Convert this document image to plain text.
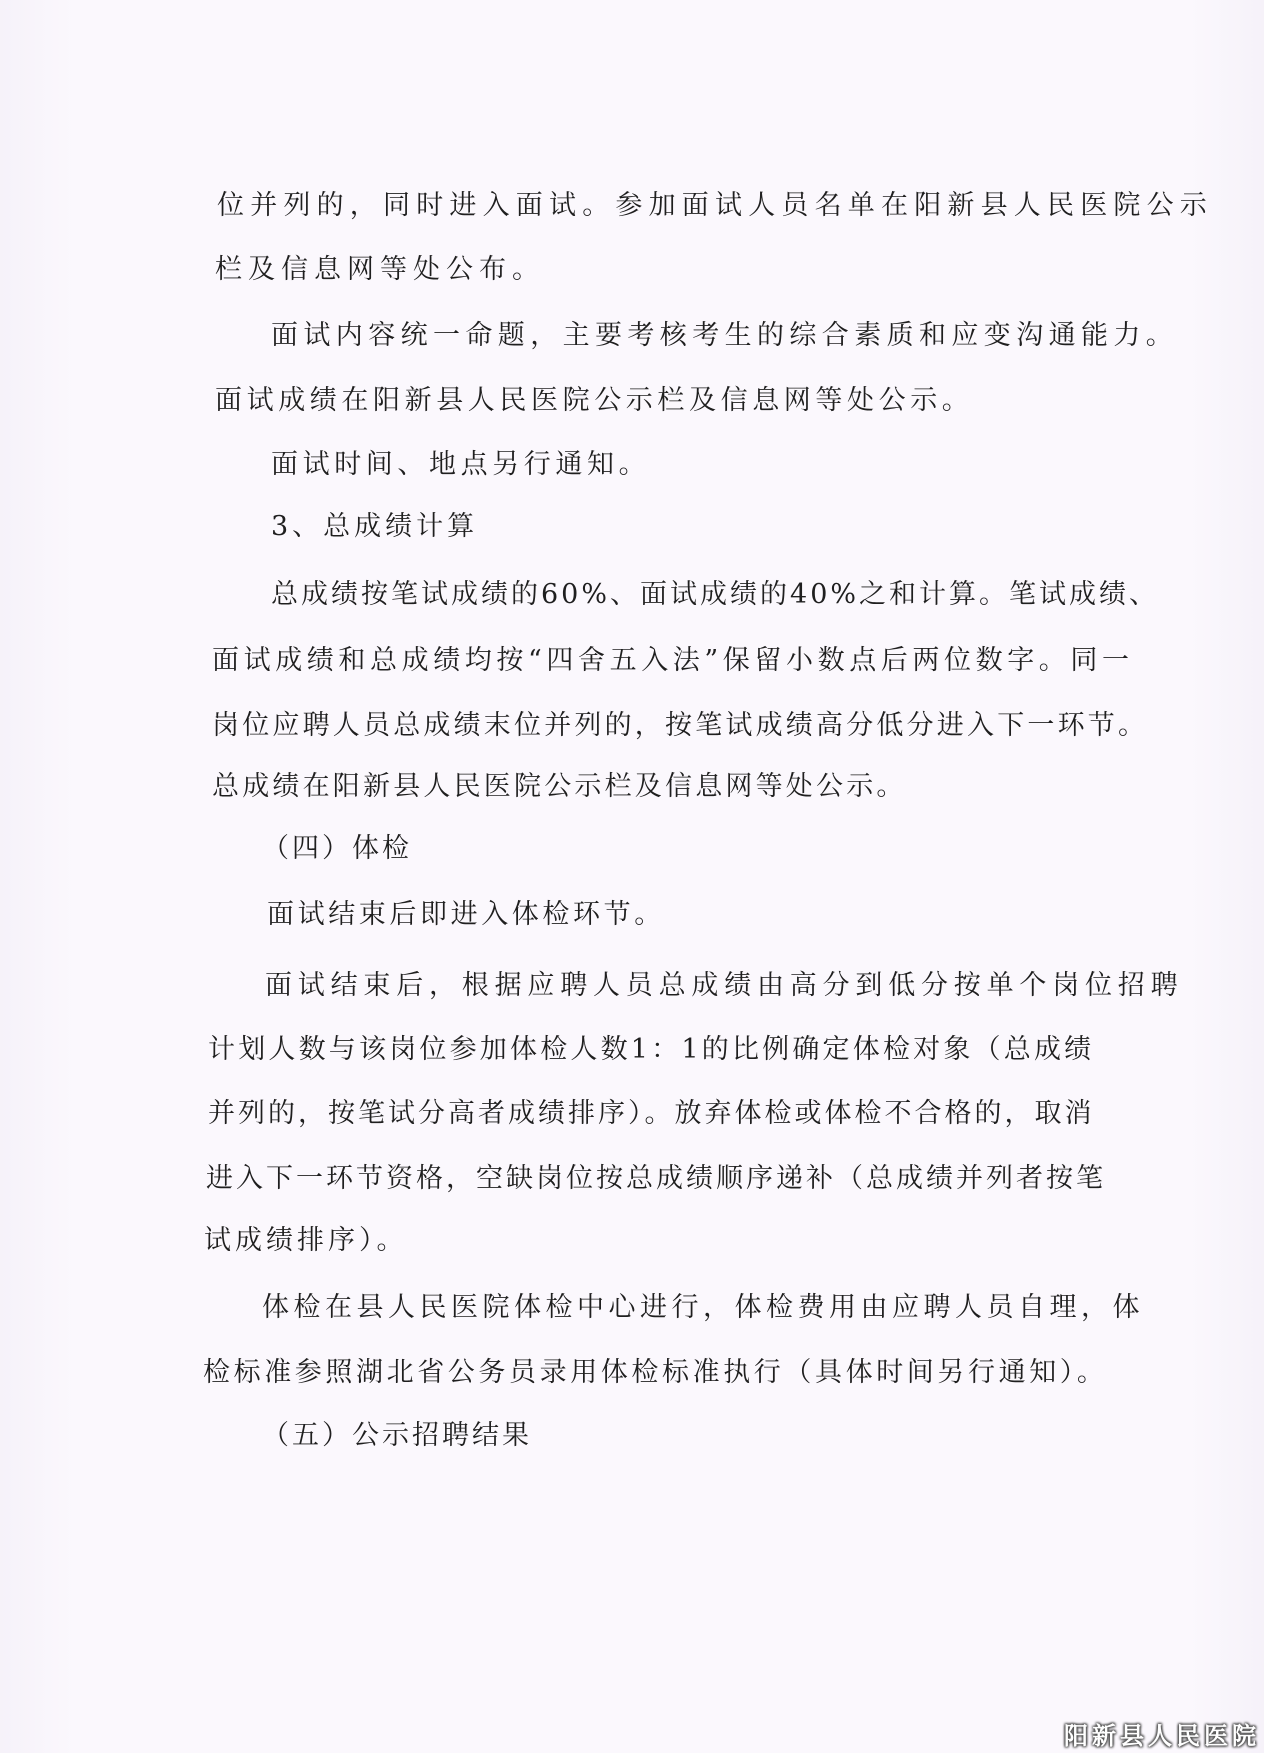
位并列的，同时进入面试。参加面试人员名单在阳新县人民医院公示
栏及信息网等处公布。
面试内容统一命题，主要考核考生的综合素质和应变沟通能力。
面试成绩在阳新县人民医院公示栏及信息网等处公示。
面试时间、地点另行通知。
3、总成绩计算
总成绩按笔试成绩的60%、面试成绩的40%之和计算。笔试成绩、
面试成绩和总成绩均按“四舍五入法”保留小数点后两位数字。同一
岗位应聘人员总成绩末位并列的，按笔试成绩高分低分进入下一环节。
总成绩在阳新县人民医院公示栏及信息网等处公示。
（四）体检
面试结束后即进入体检环节。
面试结束后，根据应聘人员总成绩由高分到低分按单个岗位招聘
计划人数与该岗位参加体检人数1：1的比例确定体检对象（总成绩
并列的，按笔试分高者成绩排序）。放弃体检或体检不合格的，取消
进入下一环节资格，空缺岗位按总成绩顺序递补（总成绩并列者按笔
试成绩排序）。
体检在县人民医院体检中心进行，体检费用由应聘人员自理，体
检标准参照湖北省公务员录用体检标准执行（具体时间另行通知）。
（五）公示招聘结果
阳新县人民医院
